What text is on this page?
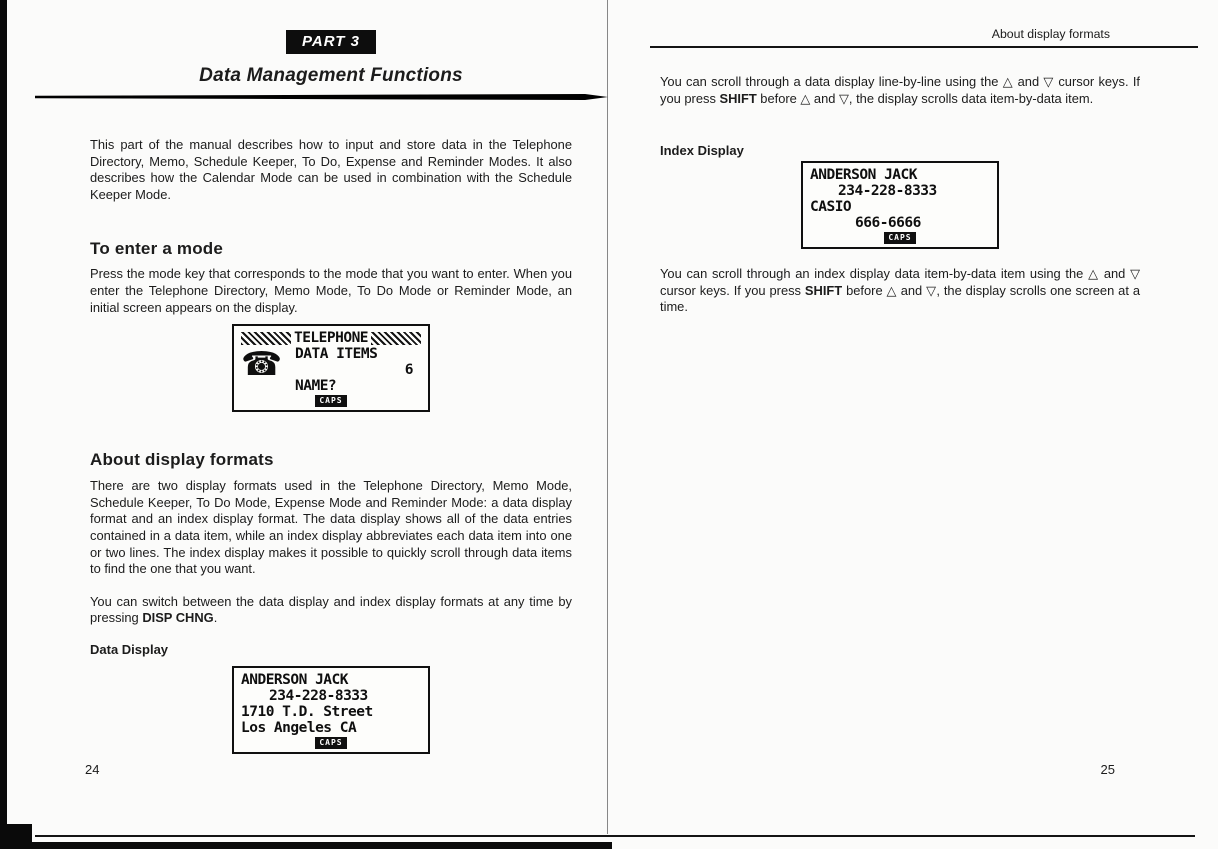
PART 3
Data Management Functions

This part of the manual describes how to input and store data in the Telephone Directory, Memo, Schedule Keeper, To Do, Expense and Reminder Modes. It also describes how the Calendar Mode can be used in combination with the Schedule Keeper Mode.

To enter a mode

Press the mode key that corresponds to the mode that you want to enter. When you enter the Telephone Directory, Memo Mode, To Do Mode or Reminder Mode, an initial screen appears on the display.

TELEPHONE
☎ DATA ITEMS
6
NAME?
CAPS
About display formats

There are two display formats used in the Telephone Directory, Memo Mode, Schedule Keeper, To Do Mode, Expense Mode and Reminder Mode: a data display format and an index display format. The data display shows all of the data entries contained in a data item, while an index display abbreviates each data item into one or two lines. The index display makes it possible to quickly scroll through data items to find the one that you want.

You can switch between the data display and index display formats at any time by pressing DISP CHNG.

Data Display
ANDERSON JACK
234-228-8333
1710 T.D. Street
Los Angeles CA
CAPS
24
About display formats

You can scroll through a data display line-by-line using the △ and ▽ cursor keys. If you press SHIFT before △ and ▽, the display scrolls data item-by-data item.

Index Display
ANDERSON JACK
234-228-8333
CASIO
666-6666
CAPS

You can scroll through an index display data item-by-data item using the △ and ▽ cursor keys. If you press SHIFT before △ and ▽, the display scrolls one screen at a time.

25
